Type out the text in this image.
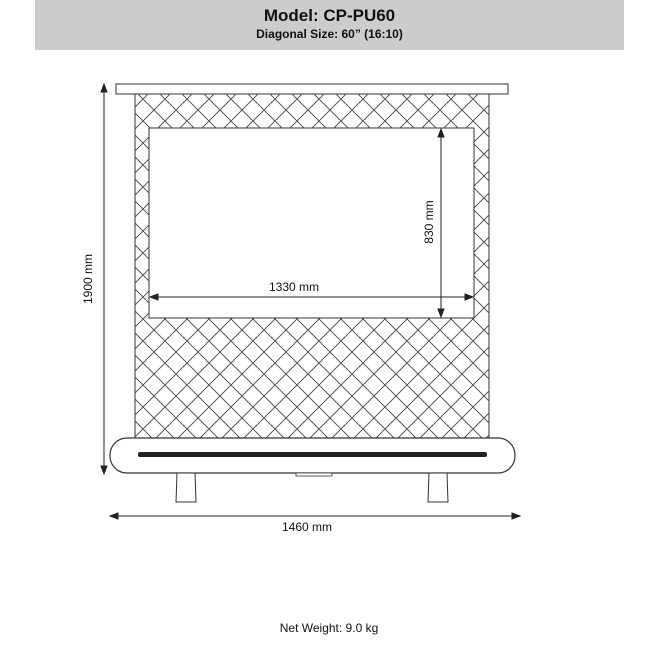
Model: CP-PU60
Diagonal Size: 60” (16:10)
1900 mm
1460 mm
1330 mm
830 mm
Net Weight: 9.0 kg
